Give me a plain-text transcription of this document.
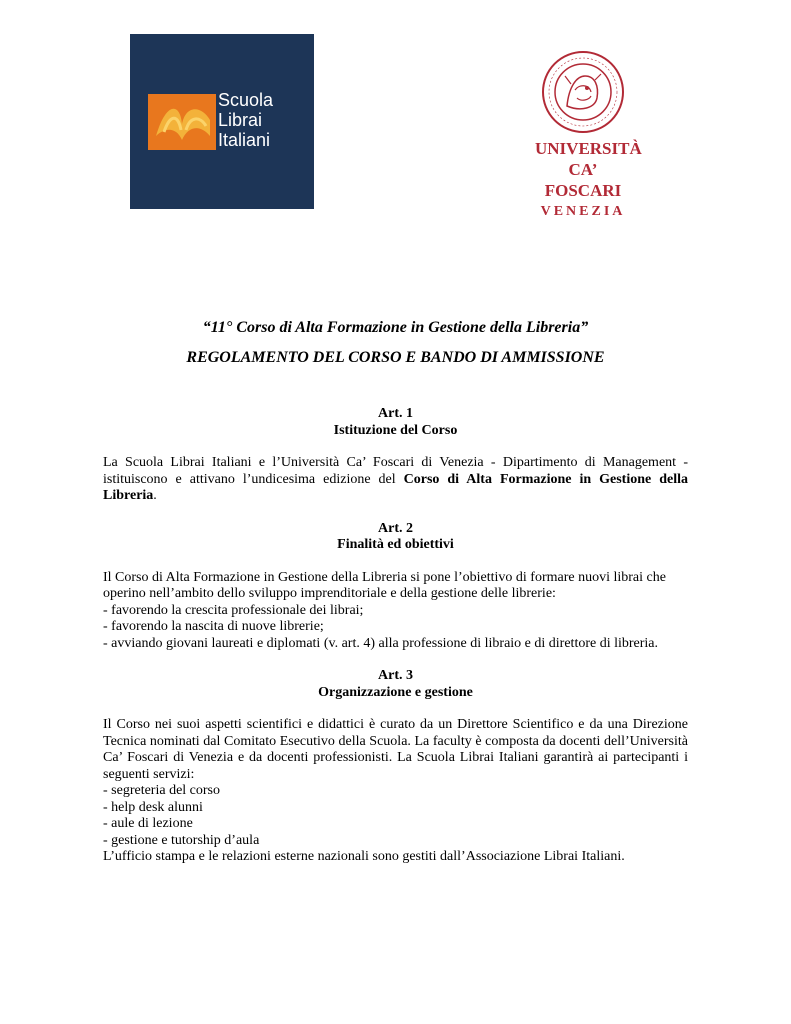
Scuola
Librai
Italiani	UNIVERSITÀ
CA’ FOSCARI
VENEZIA
“11° Corso di Alta Formazione in Gestione della Libreria”
REGOLAMENTO DEL CORSO E BANDO DI AMMISSIONE
Art. 1
Istituzione del Corso
La Scuola Librai Italiani e l’Università Ca’ Foscari di Venezia - Dipartimento di Management - istituiscono e attivano l’undicesima edizione del Corso di Alta Formazione in Gestione della Libreria.
Art. 2
Finalità ed obiettivi
Il Corso di Alta Formazione in Gestione della Libreria si pone l’obiettivo di formare nuovi librai che operino nell’ambito dello sviluppo imprenditoriale e della gestione delle librerie:
- favorendo la crescita professionale dei librai;
- favorendo la nascita di nuove librerie;
- avviando giovani laureati e diplomati (v. art. 4) alla professione di libraio e di direttore di libreria.
Art. 3
Organizzazione e gestione
Il Corso nei suoi aspetti scientifici e didattici è curato da un Direttore Scientifico e da una Direzione Tecnica nominati dal Comitato Esecutivo della Scuola. La faculty è composta da docenti dell’Università Ca’ Foscari di Venezia e da docenti professionisti. La Scuola Librai Italiani garantirà ai partecipanti i seguenti servizi:
- segreteria del corso
- help desk alunni
- aule di lezione
- gestione e tutorship d’aula
L’ufficio stampa e le relazioni esterne nazionali sono gestiti dall’Associazione Librai Italiani.
